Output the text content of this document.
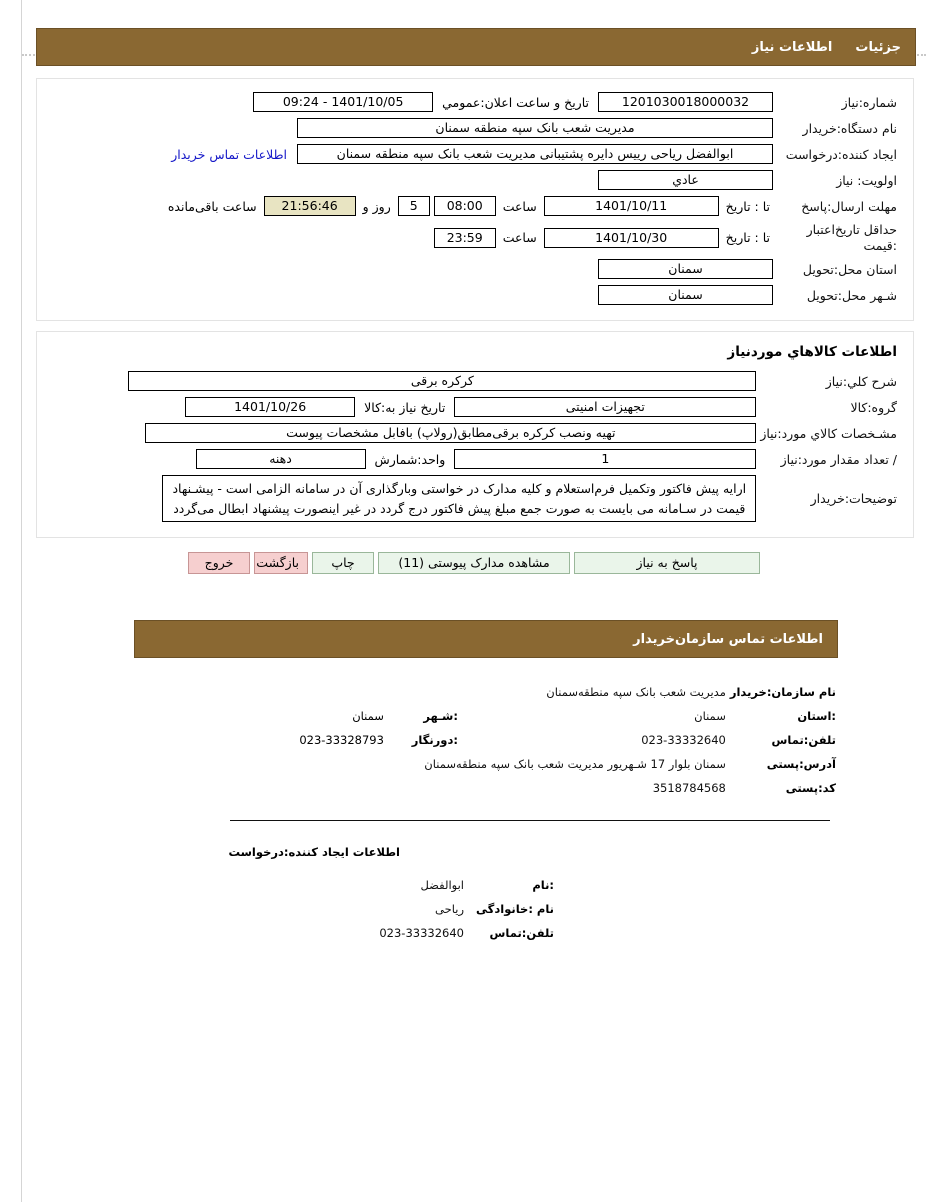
جزئیات  اطلاعات نیاز
شماره:نیاز	1201030018000032 تاریخ و ساعت اعلان:عمومي 1401/10/05 - 09:24
نام دستگاه:خریدار	مدیریت شعب بانک سپه منطقه سمنان
ایجاد کننده:درخواست	ابوالفضل ریاحی رییس دایره پشتیبانی مدیریت شعب بانک سپه منطقه سمنان اطلاعات تماس خریدار
اولویت: نیاز	عادي
مهلت ارسال:پاسخ	تا : تاریخ 1401/10/11 ساعت 08:00 5 روز و 21:56:46 ساعت باقی‌مانده
حداقل تاریخ‌اعتبار :قیمت	تا : تاریخ 1401/10/30 ساعت 23:59
استان محل:تحویل	سمنان
شـهر محل:تحویل	سمنان
اطلاعات کالاهاي موردنیاز
شرح كلي:نیاز	کرکره برقی
گروه:کالا	تجهیزات امنیتی تاریخ نیاز به:کالا 1401/10/26
مشـخصات كالاي مورد:نیاز	تهیه ونصب کرکره برقی‌مطابق(رولاپ) بافابل مشخصات پیوست
/ تعداد مقدار مورد:نیاز	1 واحد:شمارش دهنه
توضیحات:خریدار	ارایه پیش فاکتور وتکمیل فرم‌استعلام و کلیه مدارک در خواستی وبارگذاری آن در سامانه الزامی است - پیشـنهاد قیمت در سـامانه می بایست به صورت جمع مبلغ پیش فاکتور درج گردد در غیر اینصورت پیشنهاد ابطال می‌گردد
خروج بازگشت	چاپ	مشاهده مدارک پیوستی (11)	پاسخ به نیاز
اطلاعات تماس سازمان‌خریدار
نام سازمان:خریدار	مدیریت شعب بانک سپه منطقه‌سمنان		
:استان	سمنان	:شـهر	سمنان
تلفن:تماس	023-33332640	:دورنگار	023-33328793
آدرس:پستی	سمنان بلوار 17 شـهریور مدیریت شعب بانک سپه منطقه‌سمنان		
کد:پستی	3518784568		
اطلاعات ایجاد کننده:درخواست
:نام	ابوالفضل
نام :خانوادگی	ریاحی
تلفن:تماس	023-33332640
